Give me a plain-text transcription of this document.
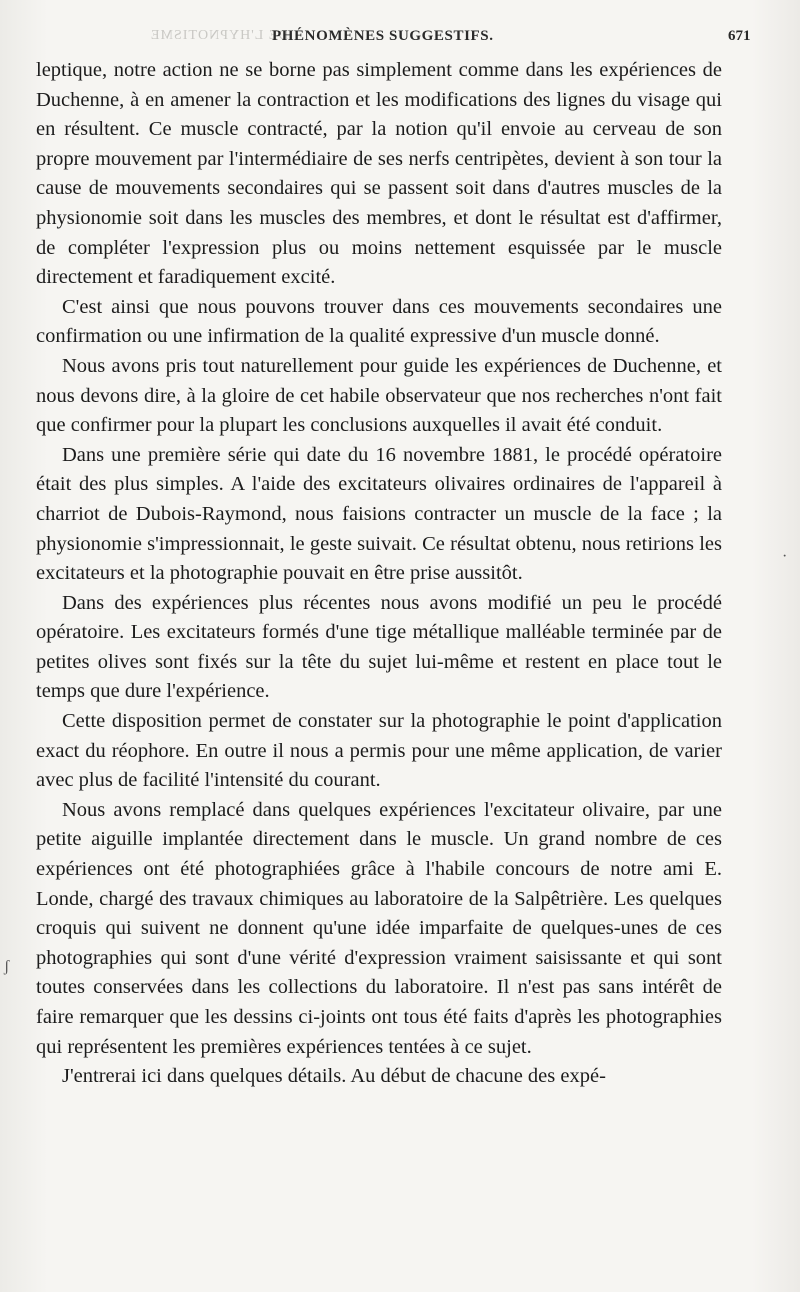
DE L'HYPNOTISME
PHÉNOMÈNES SUGGESTIFS.	671

leptique, notre action ne se borne pas simplement comme dans les expériences de Duchenne, à en amener la contraction et les modifications des lignes du visage qui en résultent. Ce muscle contracté, par la notion qu'il envoie au cerveau de son propre mouvement par l'intermédiaire de ses nerfs centripètes, devient à son tour la cause de mouvements secondaires qui se passent soit dans d'autres muscles de la physionomie soit dans les muscles des membres, et dont le résultat est d'affirmer, de compléter l'expression plus ou moins nettement esquissée par le muscle directement et faradiquement excité.

C'est ainsi que nous pouvons trouver dans ces mouvements secondaires une confirmation ou une infirmation de la qualité expressive d'un muscle donné.

Nous avons pris tout naturellement pour guide les expériences de Duchenne, et nous devons dire, à la gloire de cet habile observateur que nos recherches n'ont fait que confirmer pour la plupart les conclusions auxquelles il avait été conduit.

Dans une première série qui date du 16 novembre 1881, le procédé opératoire était des plus simples. A l'aide des excitateurs olivaires ordinaires de l'appareil à charriot de Dubois-Raymond, nous faisions contracter un muscle de la face ; la physionomie s'impressionnait, le geste suivait. Ce résultat obtenu, nous retirions les excitateurs et la photographie pouvait en être prise aussitôt.

Dans des expériences plus récentes nous avons modifié un peu le procédé opératoire. Les excitateurs formés d'une tige métallique malléable terminée par de petites olives sont fixés sur la tête du sujet lui-même et restent en place tout le temps que dure l'expérience.

Cette disposition permet de constater sur la photographie le point d'application exact du réophore. En outre il nous a permis pour une même application, de varier avec plus de facilité l'intensité du courant.

Nous avons remplacé dans quelques expériences l'excitateur olivaire, par une petite aiguille implantée directement dans le muscle. Un grand nombre de ces expériences ont été photographiées grâce à l'habile concours de notre ami E. Londe, chargé des travaux chimiques au laboratoire de la Salpêtrière. Les quelques croquis qui suivent ne donnent qu'une idée imparfaite de quelques-unes de ces photographies qui sont d'une vérité d'expression vraiment saisissante et qui sont toutes conservées dans les collections du laboratoire. Il n'est pas sans intérêt de faire remarquer que les dessins ci-joints ont tous été faits d'après les photographies qui représentent les premières expériences tentées à ce sujet.

J'entrerai ici dans quelques détails. Au début de chacune des expé-

ʃ
·
